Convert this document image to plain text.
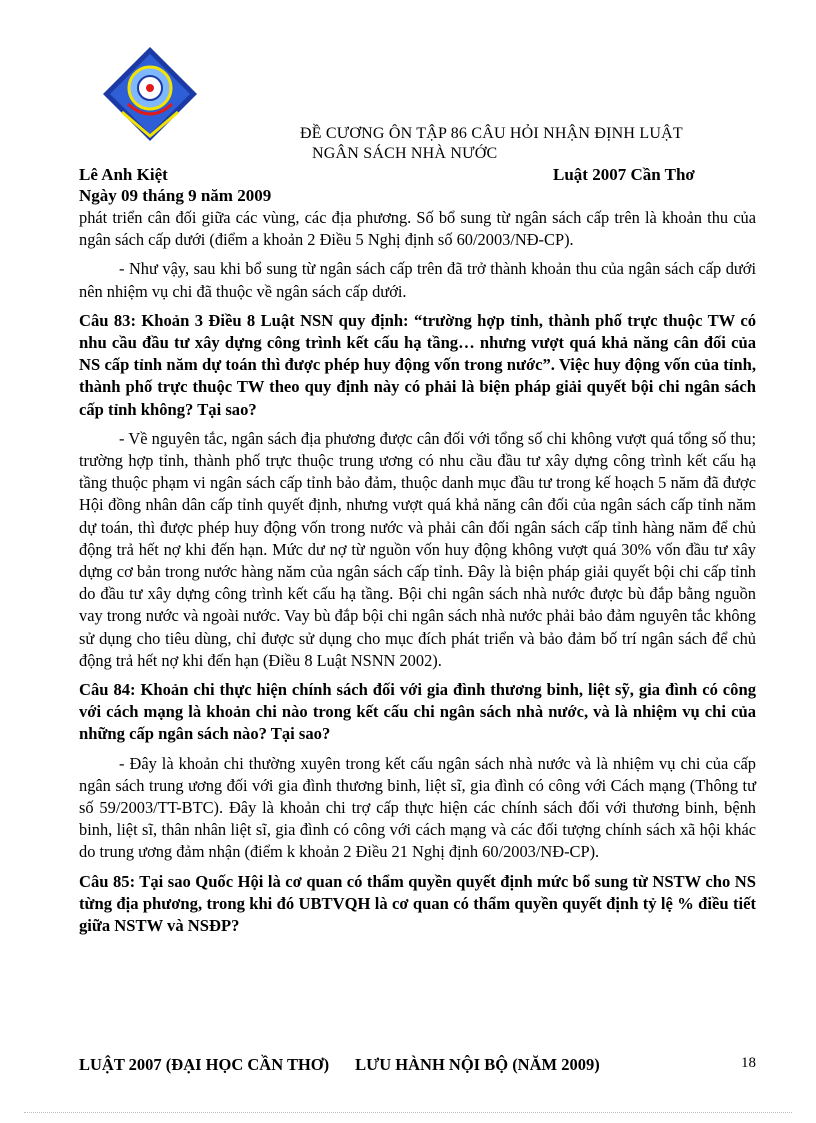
ĐỀ CƯƠNG ÔN TẬP 86 CÂU HỎI NHẬN ĐỊNH LUẬT
NGÂN SÁCH NHÀ NƯỚC
Lê Anh Kiệt	Luật 2007 Cần Thơ
Ngày 09 tháng 9 năm 2009

phát triển cân đối giữa các vùng, các địa phương. Số bổ sung từ ngân sách cấp trên là khoản thu của ngân sách cấp dưới (điểm a khoản 2 Điều 5 Nghị định số 60/2003/NĐ-CP).

- Như vậy, sau khi bổ sung từ ngân sách cấp trên đã trở thành khoản thu của ngân sách cấp dưới nên nhiệm vụ chi đã thuộc về ngân sách cấp dưới.

Câu 83: Khoản 3 Điều 8 Luật NSN quy định: “trường hợp tỉnh, thành phố trực thuộc TW có nhu cầu đầu tư xây dựng công trình kết cấu hạ tầng… nhưng vượt quá khả năng cân đối của NS cấp tỉnh năm dự toán thì được phép huy động vốn trong nước”. Việc huy động vốn của tỉnh, thành phố trực thuộc TW theo quy định này có phải là biện pháp giải quyết bội chi ngân sách cấp tỉnh không? Tại sao?

- Về nguyên tắc, ngân sách địa phương được cân đối với tổng số chi không vượt quá tổng số thu; trường hợp tỉnh, thành phố trực thuộc trung ương có nhu cầu đầu tư xây dựng công trình kết cấu hạ tầng thuộc phạm vi ngân sách cấp tỉnh bảo đảm, thuộc danh mục đầu tư trong kế hoạch 5 năm đã được Hội đồng nhân dân cấp tỉnh quyết định, nhưng vượt quá khả năng cân đối của ngân sách cấp tỉnh năm dự toán, thì được phép huy động vốn trong nước và phải cân đối ngân sách cấp tỉnh hàng năm để chủ động trả hết nợ khi đến hạn. Mức dư nợ từ nguồn vốn huy động không vượt quá 30% vốn đầu tư xây dựng cơ bản trong nước hàng năm của ngân sách cấp tỉnh. Đây là biện pháp giải quyết bội chi cấp tỉnh do đầu tư xây dựng công trình kết cấu hạ tầng. Bội chi ngân sách nhà nước được bù đắp bằng nguồn vay trong nước và ngoài nước. Vay bù đắp bội chi ngân sách nhà nước phải bảo đảm nguyên tắc không sử dụng cho tiêu dùng, chỉ được sử dụng cho mục đích phát triển và bảo đảm bố trí ngân sách để chủ động trả hết nợ khi đến hạn (Điều 8 Luật NSNN 2002).

Câu 84: Khoản chi thực hiện chính sách đối với gia đình thương binh, liệt sỹ, gia đình có công với cách mạng là khoản chi nào trong kết cấu chi ngân sách nhà nước, và là nhiệm vụ chi của những cấp ngân sách nào? Tại sao?

- Đây là khoản chi thường xuyên trong kết cấu ngân sách nhà nước và là nhiệm vụ chi của cấp ngân sách trung ương đối với gia đình thương binh, liệt sĩ, gia đình có công với Cách mạng (Thông tư số 59/2003/TT-BTC). Đây là khoản chi trợ cấp thực hiện các chính sách đối với thương binh, bệnh binh, liệt sĩ, thân nhân liệt sĩ, gia đình có công với cách mạng và các đối tượng chính sách xã hội khác do trung ương đảm nhận (điểm k khoản 2 Điều 21 Nghị định 60/2003/NĐ-CP).

Câu 85: Tại sao Quốc Hội là cơ quan có thẩm quyền quyết định mức bổ sung từ NSTW cho NS từng địa phương, trong khi đó UBTVQH là cơ quan có thẩm quyền quyết định tỷ lệ % điều tiết giữa NSTW và NSĐP?

LUẬT 2007 (ĐẠI HỌC CẦN THƠ) LƯU HÀNH NỘI BỘ (NĂM 2009)	18
